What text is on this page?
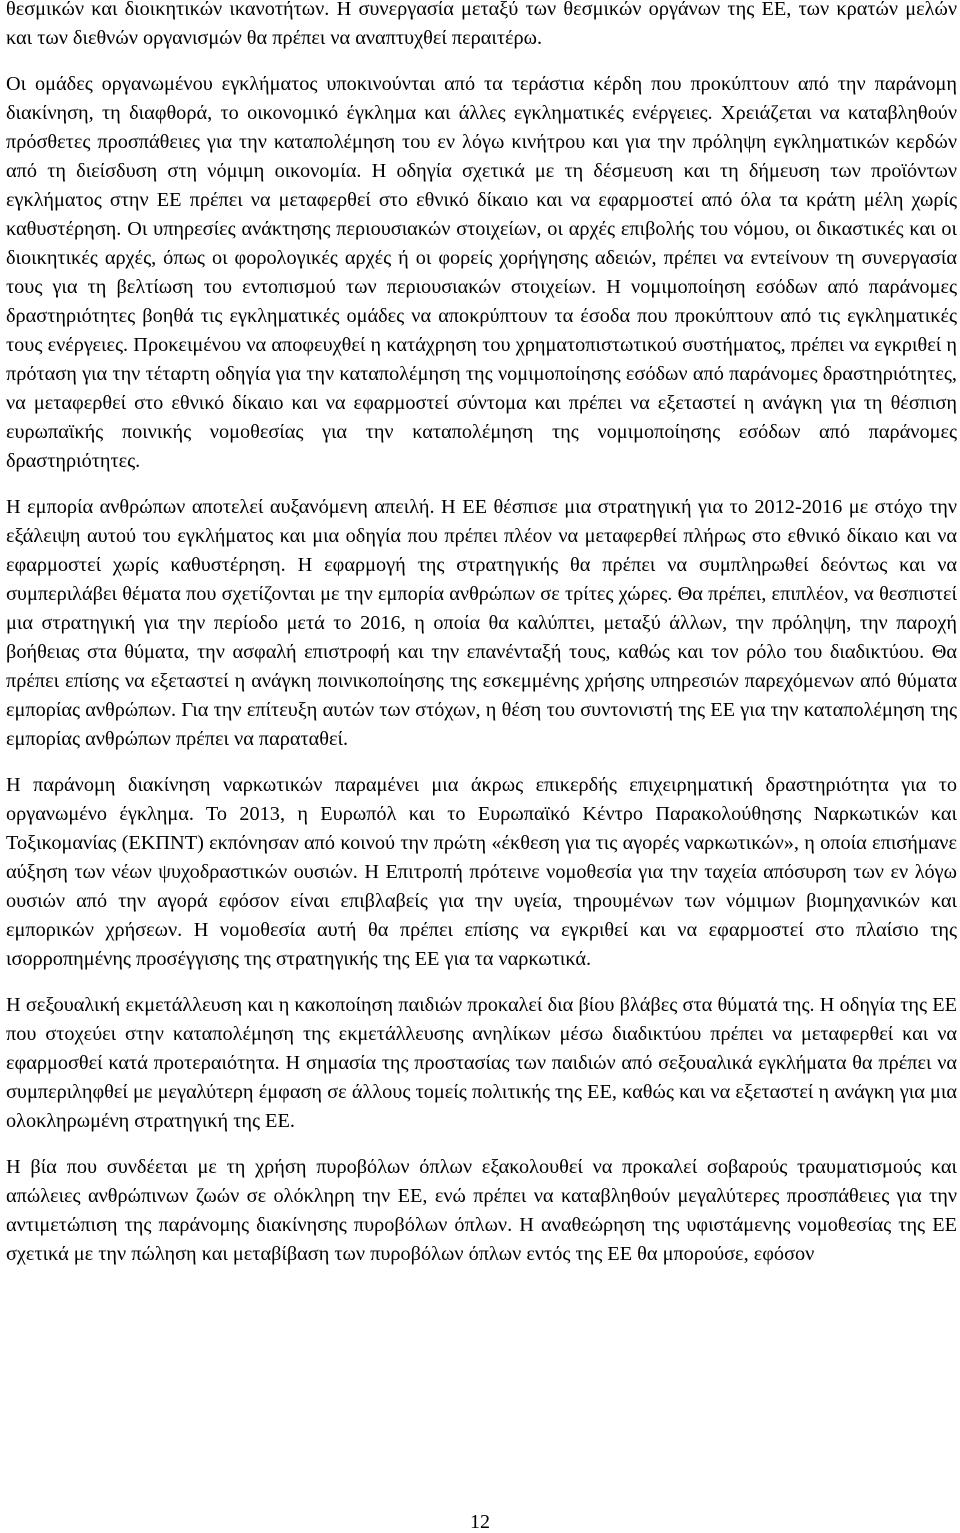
θεσμικών και διοικητικών ικανοτήτων. Η συνεργασία μεταξύ των θεσμικών οργάνων της ΕΕ, των κρατών μελών και των διεθνών οργανισμών θα πρέπει να αναπτυχθεί περαιτέρω.

Οι ομάδες οργανωμένου εγκλήματος υποκινούνται από τα τεράστια κέρδη που προκύπτουν από την παράνομη διακίνηση, τη διαφθορά, το οικονομικό έγκλημα και άλλες εγκληματικές ενέργειες. Χρειάζεται να καταβληθούν πρόσθετες προσπάθειες για την καταπολέμηση του εν λόγω κινήτρου και για την πρόληψη εγκληματικών κερδών από τη διείσδυση στη νόμιμη οικονομία. Η οδηγία σχετικά με τη δέσμευση και τη δήμευση των προϊόντων εγκλήματος στην ΕΕ πρέπει να μεταφερθεί στο εθνικό δίκαιο και να εφαρμοστεί από όλα τα κράτη μέλη χωρίς καθυστέρηση. Οι υπηρεσίες ανάκτησης περιουσιακών στοιχείων, οι αρχές επιβολής του νόμου, οι δικαστικές και οι διοικητικές αρχές, όπως οι φορολογικές αρχές ή οι φορείς χορήγησης αδειών, πρέπει να εντείνουν τη συνεργασία τους για τη βελτίωση του εντοπισμού των περιουσιακών στοιχείων. Η νομιμοποίηση εσόδων από παράνομες δραστηριότητες βοηθά τις εγκληματικές ομάδες να αποκρύπτουν τα έσοδα που προκύπτουν από τις εγκληματικές τους ενέργειες. Προκειμένου να αποφευχθεί η κατάχρηση του χρηματοπιστωτικού συστήματος, πρέπει να εγκριθεί η πρόταση για την τέταρτη οδηγία για την καταπολέμηση της νομιμοποίησης εσόδων από παράνομες δραστηριότητες, να μεταφερθεί στο εθνικό δίκαιο και να εφαρμοστεί σύντομα και πρέπει να εξεταστεί η ανάγκη για τη θέσπιση ευρωπαϊκής ποινικής νομοθεσίας για την καταπολέμηση της νομιμοποίησης εσόδων από παράνομες δραστηριότητες.

Η εμπορία ανθρώπων αποτελεί αυξανόμενη απειλή. Η ΕΕ θέσπισε μια στρατηγική για το 2012-2016 με στόχο την εξάλειψη αυτού του εγκλήματος και μια οδηγία που πρέπει πλέον να μεταφερθεί πλήρως στο εθνικό δίκαιο και να εφαρμοστεί χωρίς καθυστέρηση. Η εφαρμογή της στρατηγικής θα πρέπει να συμπληρωθεί δεόντως και να συμπεριλάβει θέματα που σχετίζονται με την εμπορία ανθρώπων σε τρίτες χώρες. Θα πρέπει, επιπλέον, να θεσπιστεί μια στρατηγική για την περίοδο μετά το 2016, η οποία θα καλύπτει, μεταξύ άλλων, την πρόληψη, την παροχή βοήθειας στα θύματα, την ασφαλή επιστροφή και την επανένταξή τους, καθώς και τον ρόλο του διαδικτύου. Θα πρέπει επίσης να εξεταστεί η ανάγκη ποινικοποίησης της εσκεμμένης χρήσης υπηρεσιών παρεχόμενων από θύματα εμπορίας ανθρώπων. Για την επίτευξη αυτών των στόχων, η θέση του συντονιστή της ΕΕ για την καταπολέμηση της εμπορίας ανθρώπων πρέπει να παραταθεί.

Η παράνομη διακίνηση ναρκωτικών παραμένει μια άκρως επικερδής επιχειρηματική δραστηριότητα για το οργανωμένο έγκλημα. Το 2013, η Ευρωπόλ και το Ευρωπαϊκό Κέντρο Παρακολούθησης Ναρκωτικών και Τοξικομανίας (ΕΚΠΝΤ) εκπόνησαν από κοινού την πρώτη «έκθεση για τις αγορές ναρκωτικών», η οποία επισήμανε αύξηση των νέων ψυχοδραστικών ουσιών. Η Επιτροπή πρότεινε νομοθεσία για την ταχεία απόσυρση των εν λόγω ουσιών από την αγορά εφόσον είναι επιβλαβείς για την υγεία, τηρουμένων των νόμιμων βιομηχανικών και εμπορικών χρήσεων. Η νομοθεσία αυτή θα πρέπει επίσης να εγκριθεί και να εφαρμοστεί στο πλαίσιο της ισορροπημένης προσέγγισης της στρατηγικής της ΕΕ για τα ναρκωτικά.

Η σεξουαλική εκμετάλλευση και η κακοποίηση παιδιών προκαλεί δια βίου βλάβες στα θύματά της. Η οδηγία της ΕΕ που στοχεύει στην καταπολέμηση της εκμετάλλευσης ανηλίκων μέσω διαδικτύου πρέπει να μεταφερθεί και να εφαρμοσθεί κατά προτεραιότητα. Η σημασία της προστασίας των παιδιών από σεξουαλικά εγκλήματα θα πρέπει να συμπεριληφθεί με μεγαλύτερη έμφαση σε άλλους τομείς πολιτικής της ΕΕ, καθώς και να εξεταστεί η ανάγκη για μια ολοκληρωμένη στρατηγική της ΕΕ.

Η βία που συνδέεται με τη χρήση πυροβόλων όπλων εξακολουθεί να προκαλεί σοβαρούς τραυματισμούς και απώλειες ανθρώπινων ζωών σε ολόκληρη την ΕΕ, ενώ πρέπει να καταβληθούν μεγαλύτερες προσπάθειες για την αντιμετώπιση της παράνομης διακίνησης πυροβόλων όπλων. Η αναθεώρηση της υφιστάμενης νομοθεσίας της ΕΕ σχετικά με την πώληση και μεταβίβαση των πυροβόλων όπλων εντός της ΕΕ θα μπορούσε, εφόσον

12
